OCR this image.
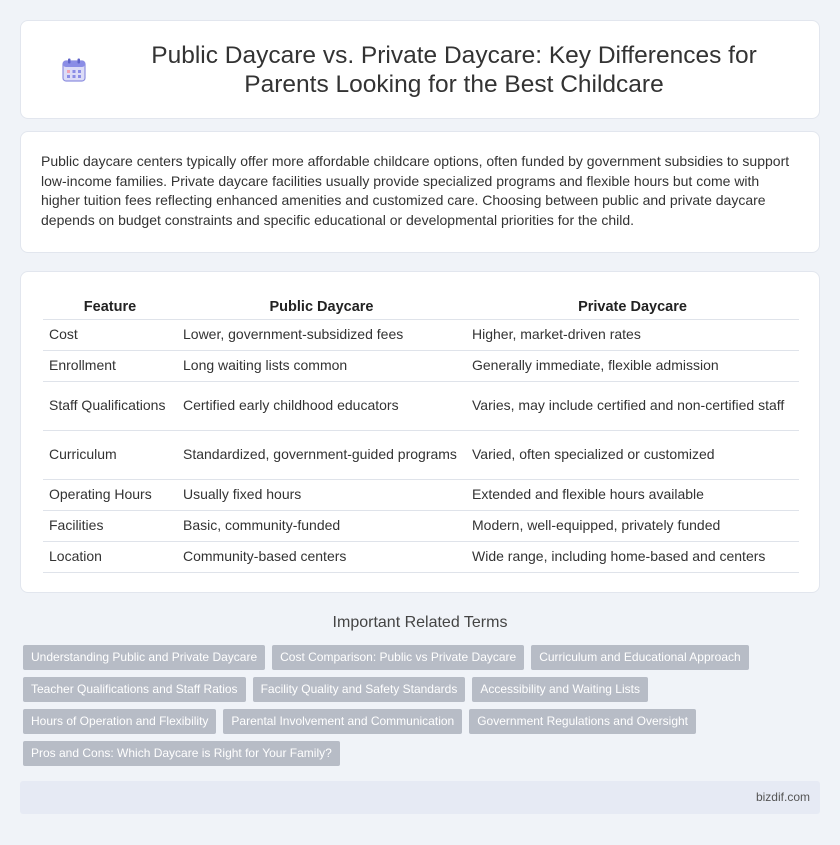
Public Daycare vs. Private Daycare: Key Differences for Parents Looking for the Best Childcare

Public daycare centers typically offer more affordable childcare options, often funded by government subsidies to support low-income families. Private daycare facilities usually provide specialized programs and flexible hours but come with higher tuition fees reflecting enhanced amenities and customized care. Choosing between public and private daycare depends on budget constraints and specific educational or developmental priorities for the child.

Feature	Public Daycare	Private Daycare
Cost	Lower, government-subsidized fees	Higher, market-driven rates
Enrollment	Long waiting lists common	Generally immediate, flexible admission
Staff Qualifications	Certified early childhood educators	Varies, may include certified and non-certified staff
Curriculum	Standardized, government-guided programs	Varied, often specialized or customized
Operating Hours	Usually fixed hours	Extended and flexible hours available
Facilities	Basic, community-funded	Modern, well-equipped, privately funded
Location	Community-based centers	Wide range, including home-based and centers
Important Related Terms
Understanding Public and Private Daycare	Cost Comparison: Public vs Private Daycare	Curriculum and Educational Approach
Teacher Qualifications and Staff Ratios	Facility Quality and Safety Standards	Accessibility and Waiting Lists
Hours of Operation and Flexibility	Parental Involvement and Communication	Government Regulations and Oversight
Pros and Cons: Which Daycare is Right for Your Family?
bizdif.com
